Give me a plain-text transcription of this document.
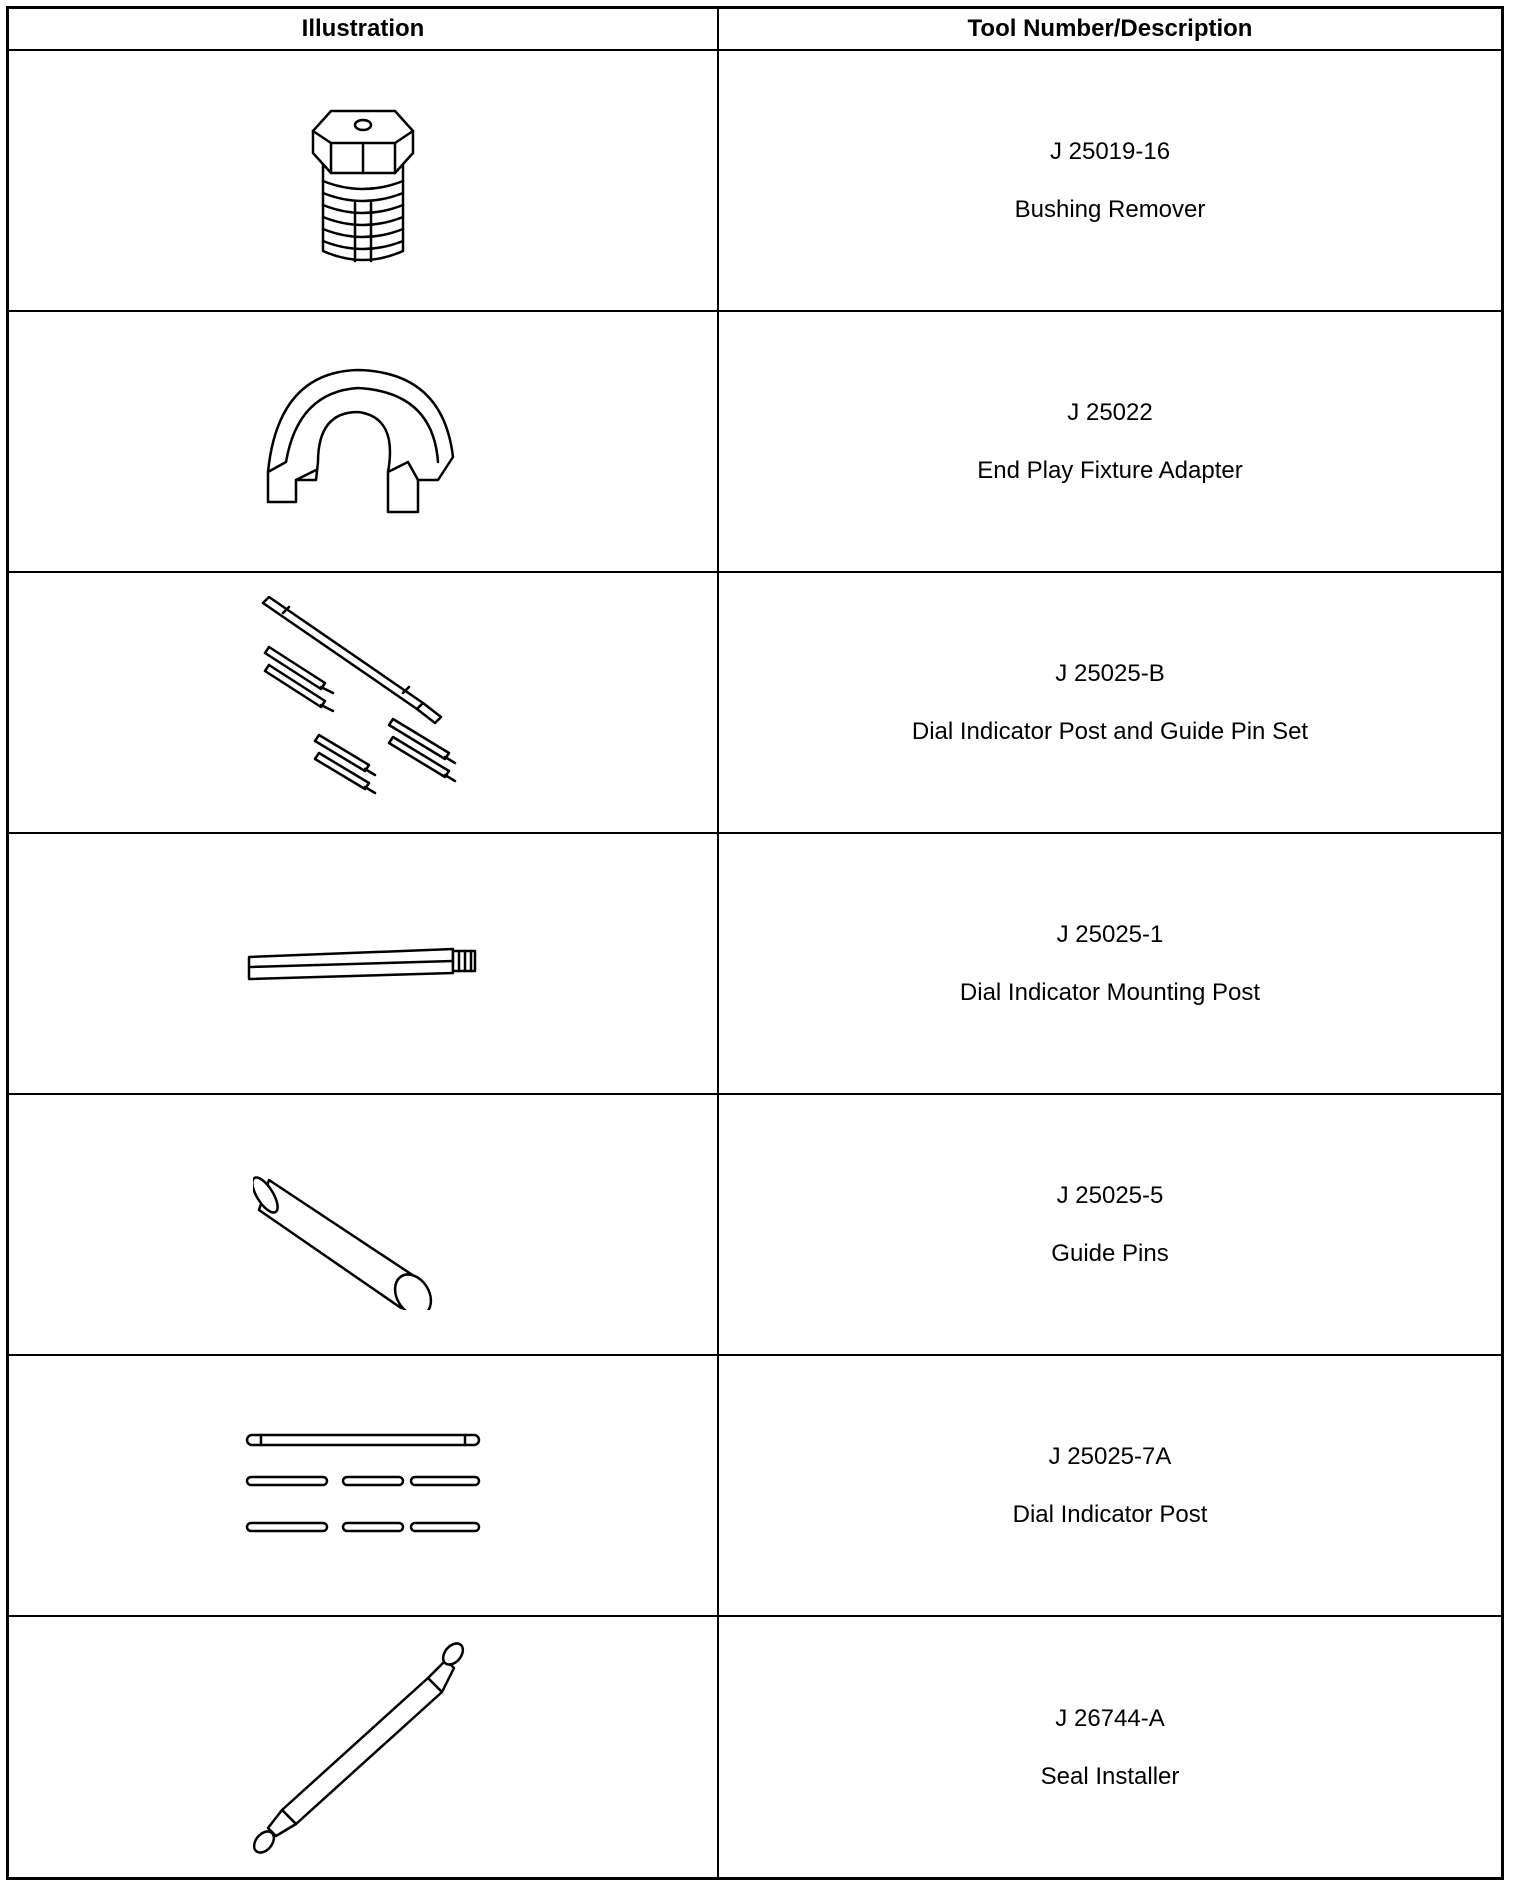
Illustration	Tool Number/Description
J 25019-16
Bushing Remover
J 25022
End Play Fixture Adapter
J 25025-B
Dial Indicator Post and Guide Pin Set
J 25025-1
Dial Indicator Mounting Post
J 25025-5
Guide Pins
J 25025-7A
Dial Indicator Post
J 26744-A
Seal Installer
